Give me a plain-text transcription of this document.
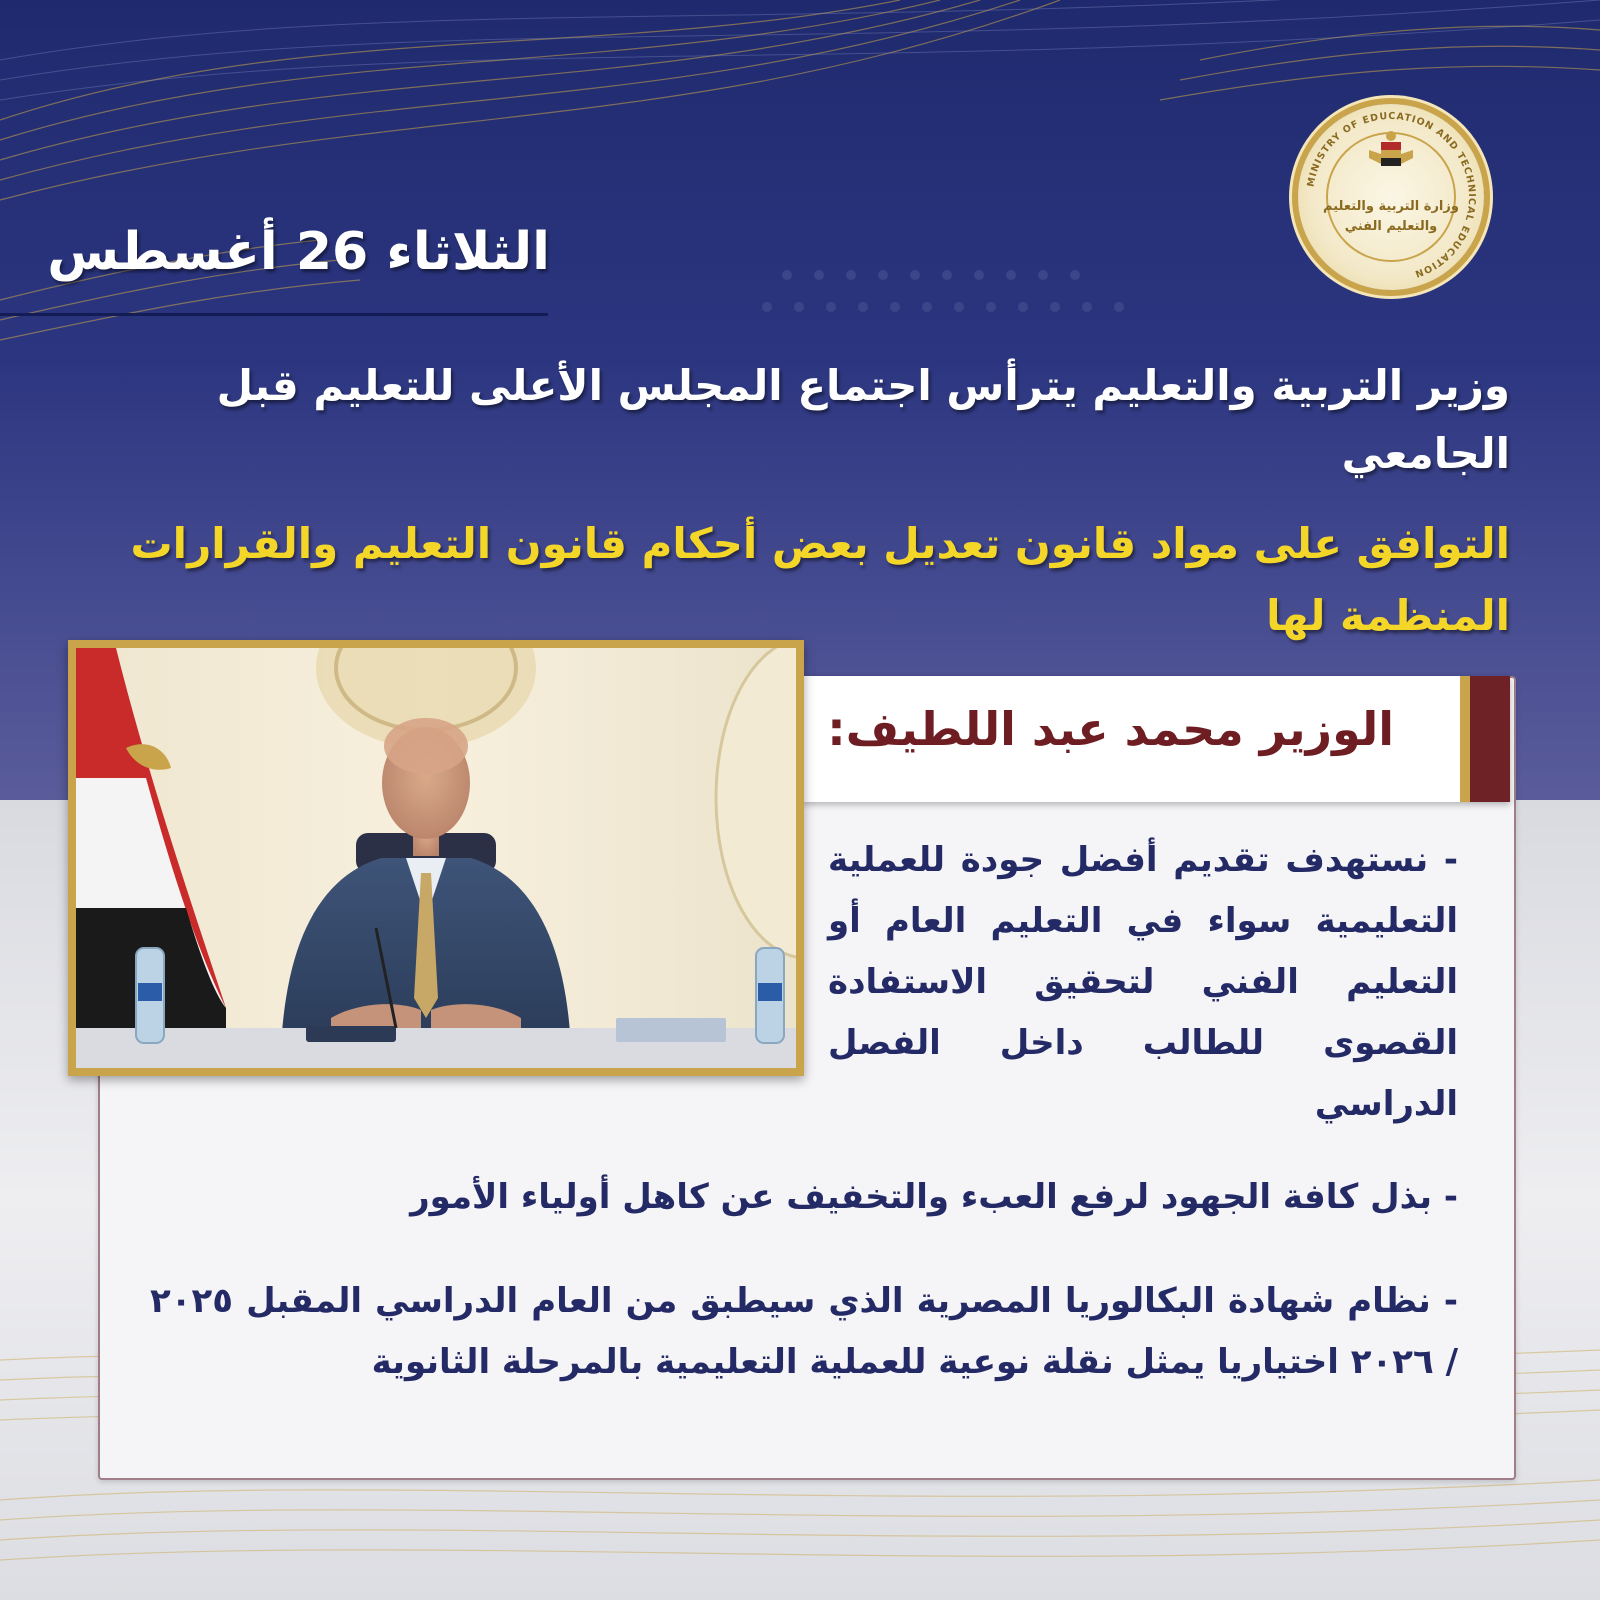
MINISTRY OF EDUCATION AND TECHNICAL EDUCATION
وزارة التربية والتعليم
والتعليم الفني
الثلاثاء 26 أغسطس
وزير التربية والتعليم يترأس اجتماع المجلس الأعلى للتعليم قبل الجامعي
التوافق على مواد قانون تعديل بعض أحكام قانون التعليم والقرارات المنظمة لها
الوزير محمد عبد اللطيف:
- نستهدف تقديم أفضل جودة للعملية التعليمية سواء في التعليم العام أو التعليم الفني لتحقيق الاستفادة القصوى للطالب داخل الفصل الدراسي
- بذل كافة الجهود لرفع العبء والتخفيف عن كاهل أولياء الأمور
- نظام شهادة البكالوريا المصرية الذي سيطبق من العام الدراسي المقبل ٢٠٢٥ / ٢٠٢٦ اختياريا يمثل نقلة نوعية للعملية التعليمية بالمرحلة الثانوية
